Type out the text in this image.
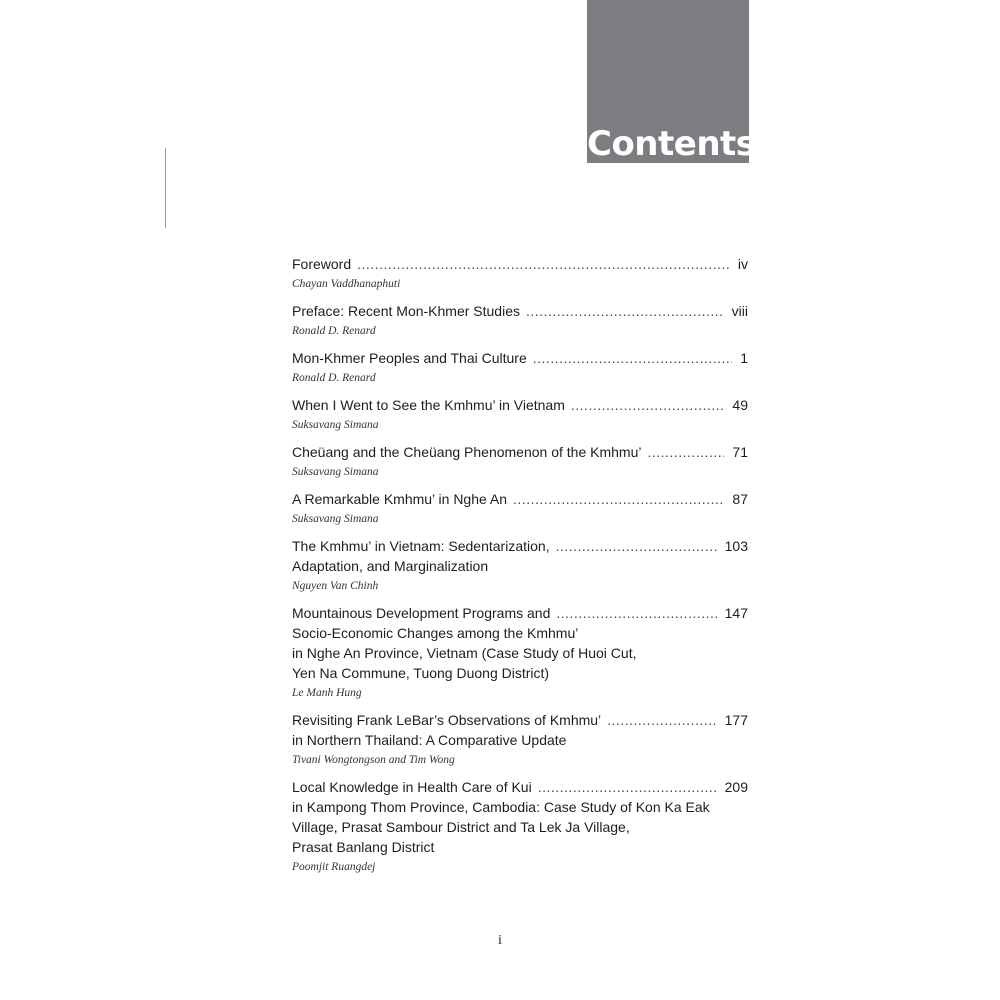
Contents
Foreword .....	iv
Chayan Vaddhanaphuti
Preface: Recent Mon-Khmer Studies .....	viii
Ronald D. Renard
Mon-Khmer Peoples and Thai Culture .....	1
Ronald D. Renard
When I Went to See the Kmhmu’ in Vietnam .....	49
Suksavang Simana
Cheüang and the Cheüang Phenomenon of the Kmhmu’ .....	71
Suksavang Simana
A Remarkable Kmhmu’ in Nghe An .....	87
Suksavang Simana
The Kmhmu’ in Vietnam: Sedentarization, .....	103
Adaptation, and Marginalization
Nguyen Van Chinh
Mountainous Development Programs and .....	147
Socio-Economic Changes among the Kmhmu’
in Nghe An Province, Vietnam (Case Study of Huoi Cut,
Yen Na Commune, Tuong Duong District)
Le Manh Hung
Revisiting Frank LeBar’s Observations of Kmhmu’ .....	177
in Northern Thailand: A Comparative Update
Tivani Wongtongson and Tim Wong
Local Knowledge in Health Care of Kui .....	209
in Kampong Thom Province, Cambodia: Case Study of Kon Ka Eak
Village, Prasat Sambour District and Ta Lek Ja Village,
Prasat Banlang District
Poomjit Ruangdej
i
